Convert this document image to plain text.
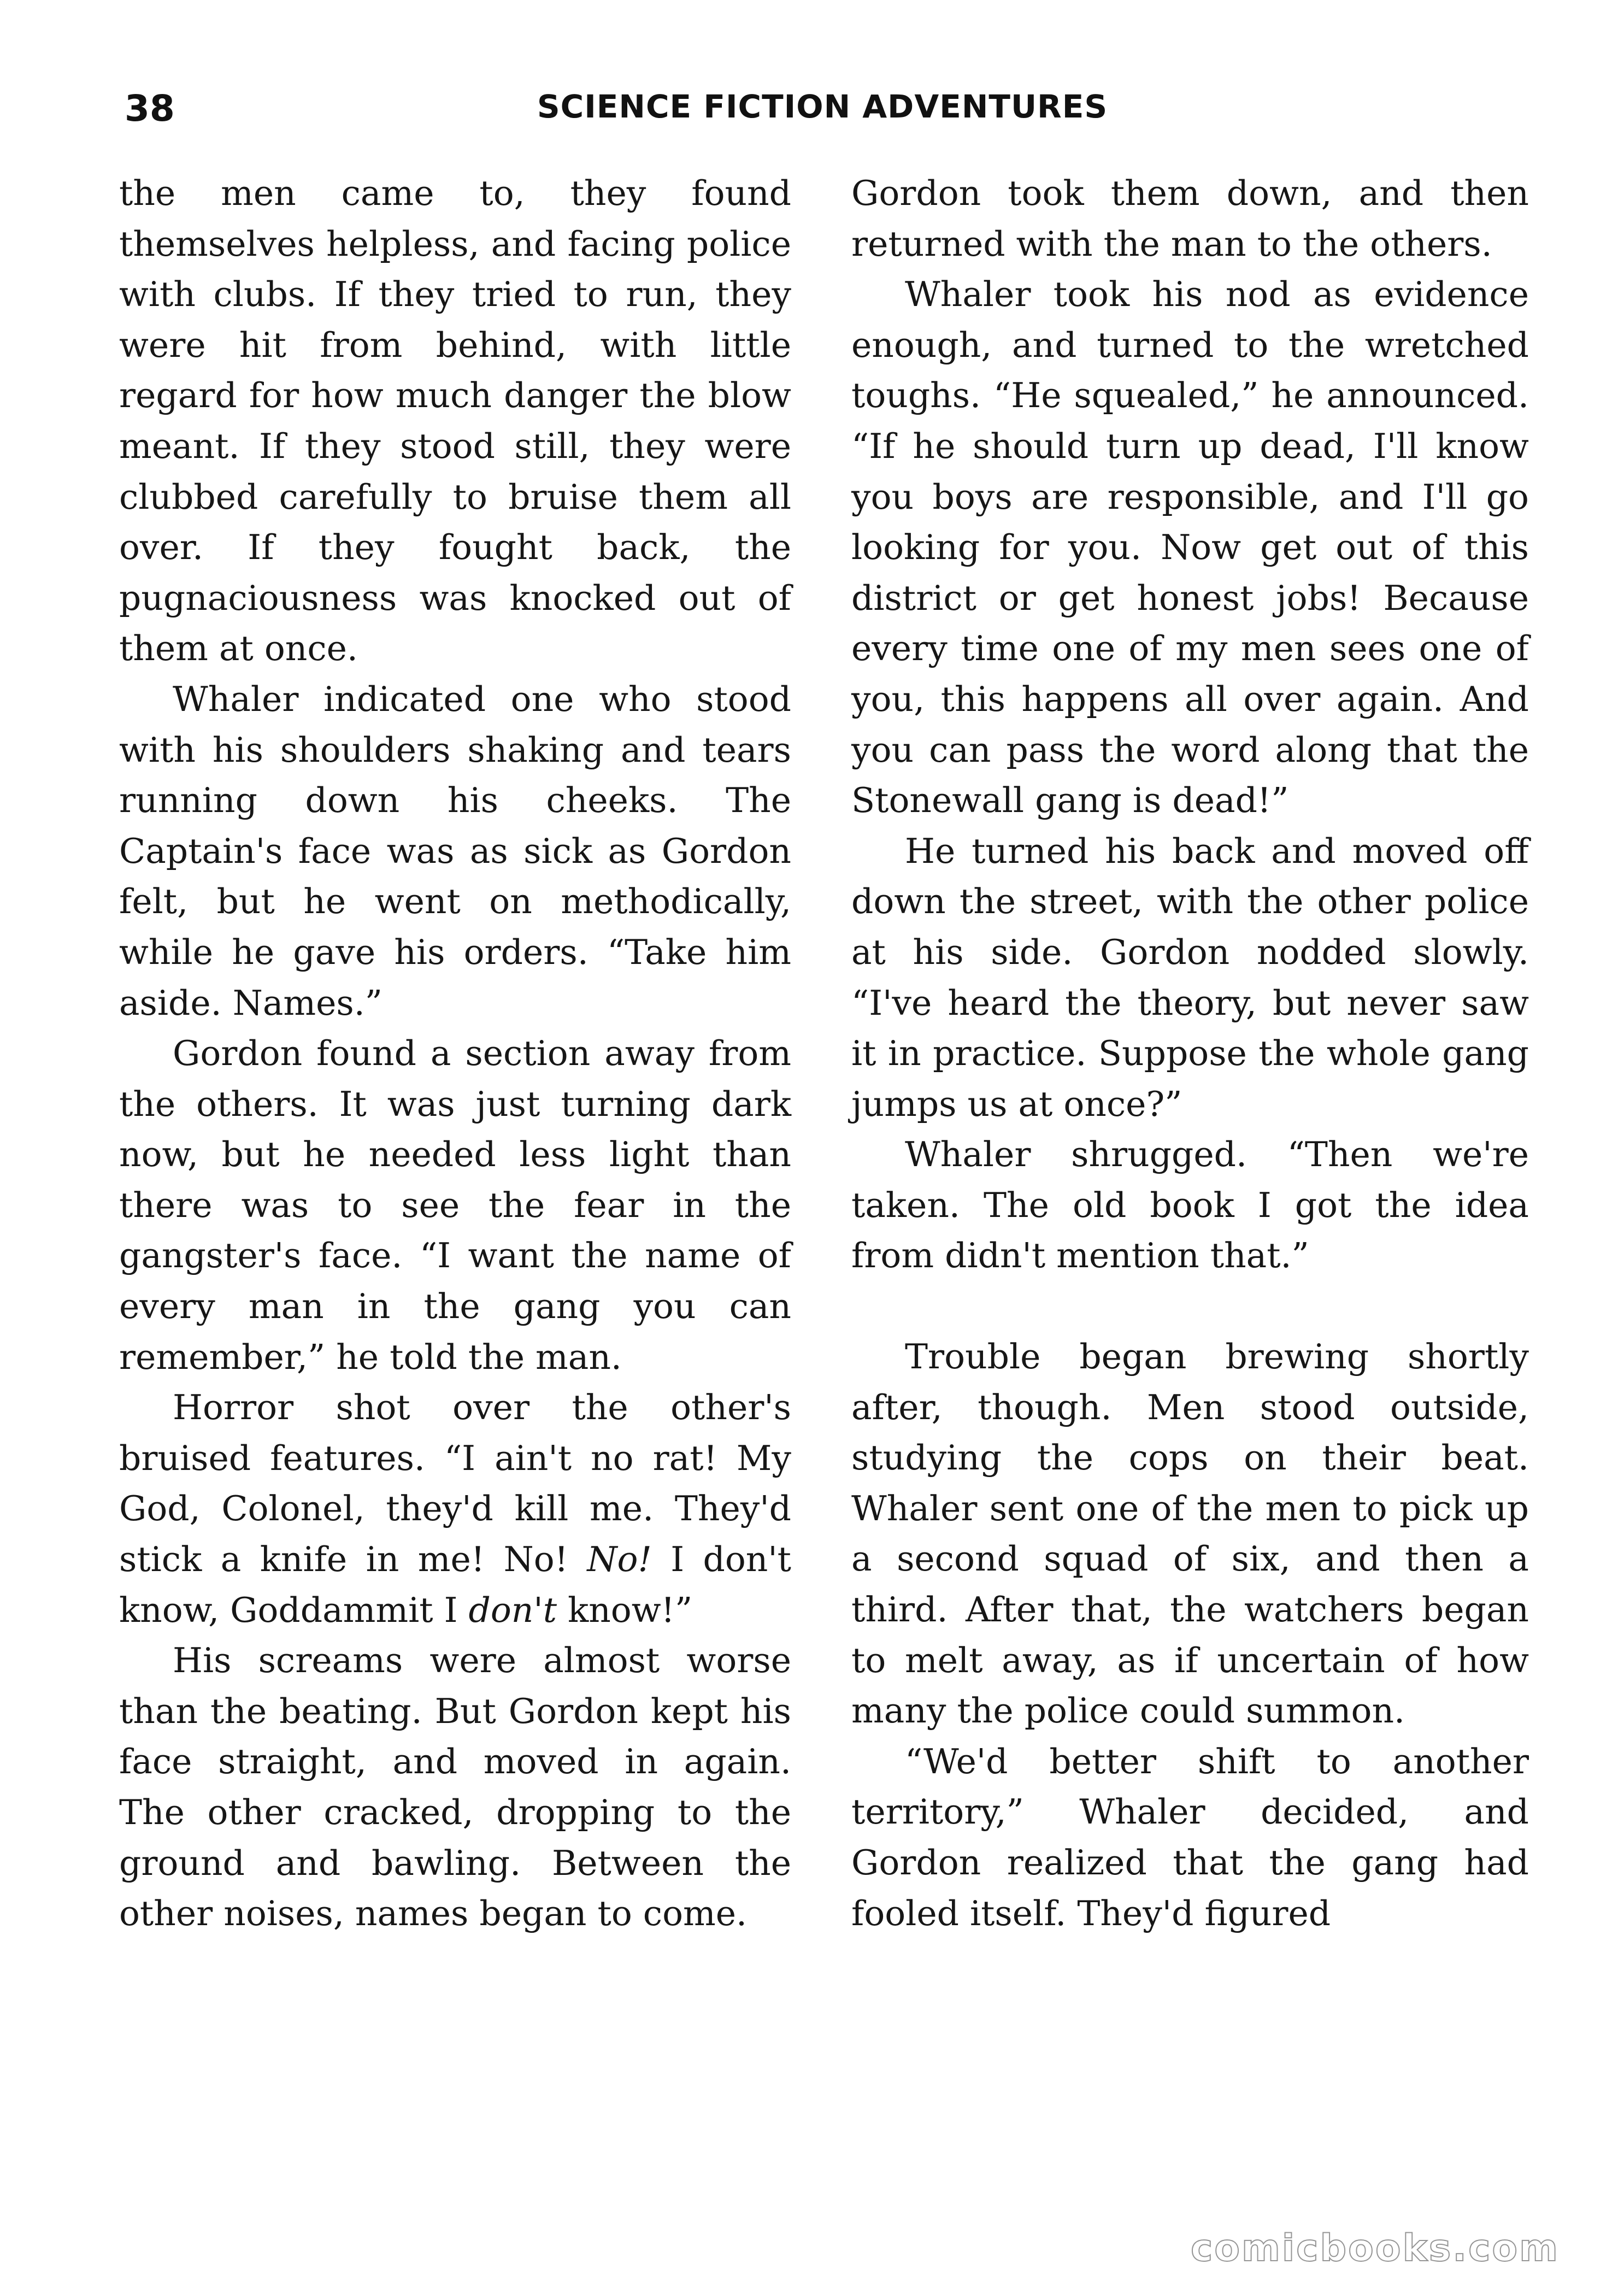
38	SCIENCE FICTION ADVENTURES

the men came to, they found themselves helpless, and facing police with clubs. If they tried to run, they were hit from behind, with little regard for how much danger the blow meant. If they stood still, they were clubbed carefully to bruise them all over. If they fought back, the pugnaciousness was knocked out of them at once.

Whaler indicated one who stood with his shoulders shaking and tears running down his cheeks. The Captain's face was as sick as Gordon felt, but he went on methodically, while he gave his orders. “Take him aside. Names.”

Gordon found a section away from the others. It was just turning dark now, but he needed less light than there was to see the fear in the gangster's face. “I want the name of every man in the gang you can remember,” he told the man.

Horror shot over the other's bruised features. “I ain't no rat! My God, Colonel, they'd kill me. They'd stick a knife in me! No! No! I don't know, Goddammit I don't know!”

His screams were almost worse than the beating. But Gordon kept his face straight, and moved in again. The other cracked, dropping to the ground and bawling. Between the other noises, names began to come.

Gordon took them down, and then returned with the man to the others.

Whaler took his nod as evidence enough, and turned to the wretched toughs. “He squealed,” he announced. “If he should turn up dead, I'll know you boys are responsible, and I'll go looking for you. Now get out of this district or get honest jobs! Because every time one of my men sees one of you, this happens all over again. And you can pass the word along that the Stonewall gang is dead!”

He turned his back and moved off down the street, with the other police at his side. Gordon nodded slowly. “I've heard the theory, but never saw it in practice. Suppose the whole gang jumps us at once?”

Whaler shrugged. “Then we're taken. The old book I got the idea from didn't mention that.”

Trouble began brewing shortly after, though. Men stood outside, studying the cops on their beat. Whaler sent one of the men to pick up a second squad of six, and then a third. After that, the watchers began to melt away, as if uncertain of how many the police could summon.

“We'd better shift to another territory,” Whaler decided, and Gordon realized that the gang had fooled itself. They'd figured

comicbooks.com
